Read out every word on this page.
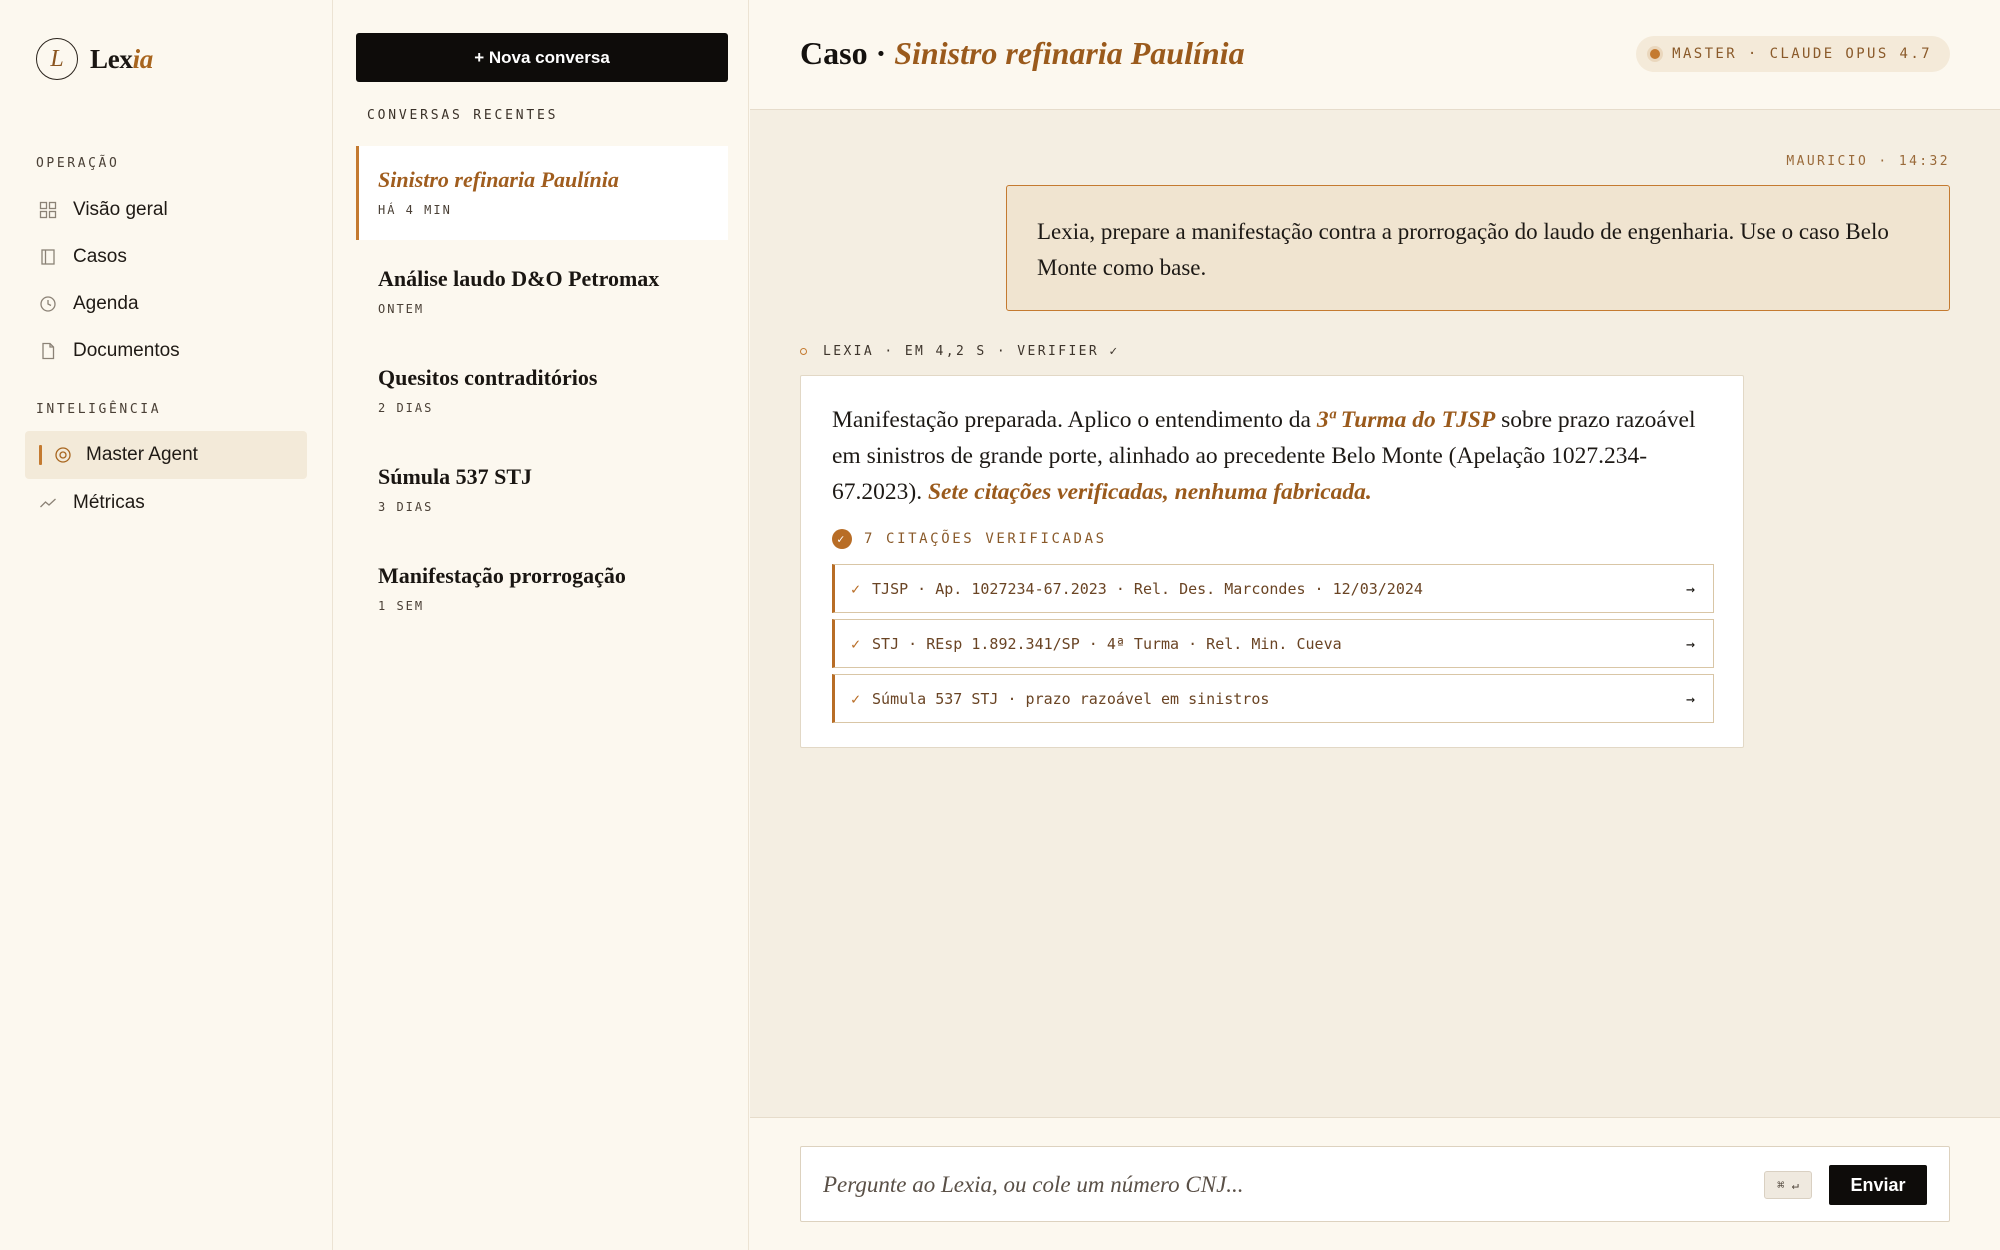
L Lexia
OPERAÇÃO
Visão geral
Casos
Agenda
Documentos
INTELIGÊNCIA
Master Agent
Métricas
+ Nova conversa
CONVERSAS RECENTES
Sinistro refinaria Paulínia
HÁ 4 MIN
Análise laudo D&O Petromax
ONTEM
Quesitos contraditórios
2 DIAS
Súmula 537 STJ
3 DIAS
Manifestação prorrogação
1 SEM
Caso · Sinistro refinaria Paulínia	MASTER · CLAUDE OPUS 4.7
MAURICIO · 14:32
Lexia, prepare a manifestação contra a prorrogação do laudo de engenharia. Use o caso Belo Monte como base.
LEXIA · EM 4,2 S · VERIFIER ✓
Manifestação preparada. Aplico o entendimento da 3ª Turma do TJSP sobre prazo razoável em sinistros de grande porte, alinhado ao precedente Belo Monte (Apelação 1027.234-67.2023). Sete citações verificadas, nenhuma fabricada.
✓	7 CITAÇÕES VERIFICADAS
✓ TJSP · Ap. 1027234-67.2023 · Rel. Des. Marcondes · 12/03/2024	→
✓ STJ · REsp 1.892.341/SP · 4ª Turma · Rel. Min. Cueva	→
✓ Súmula 537 STJ · prazo razoável em sinistros	→
Pergunte ao Lexia, ou cole um número CNJ...
⌘ ↵	Enviar
